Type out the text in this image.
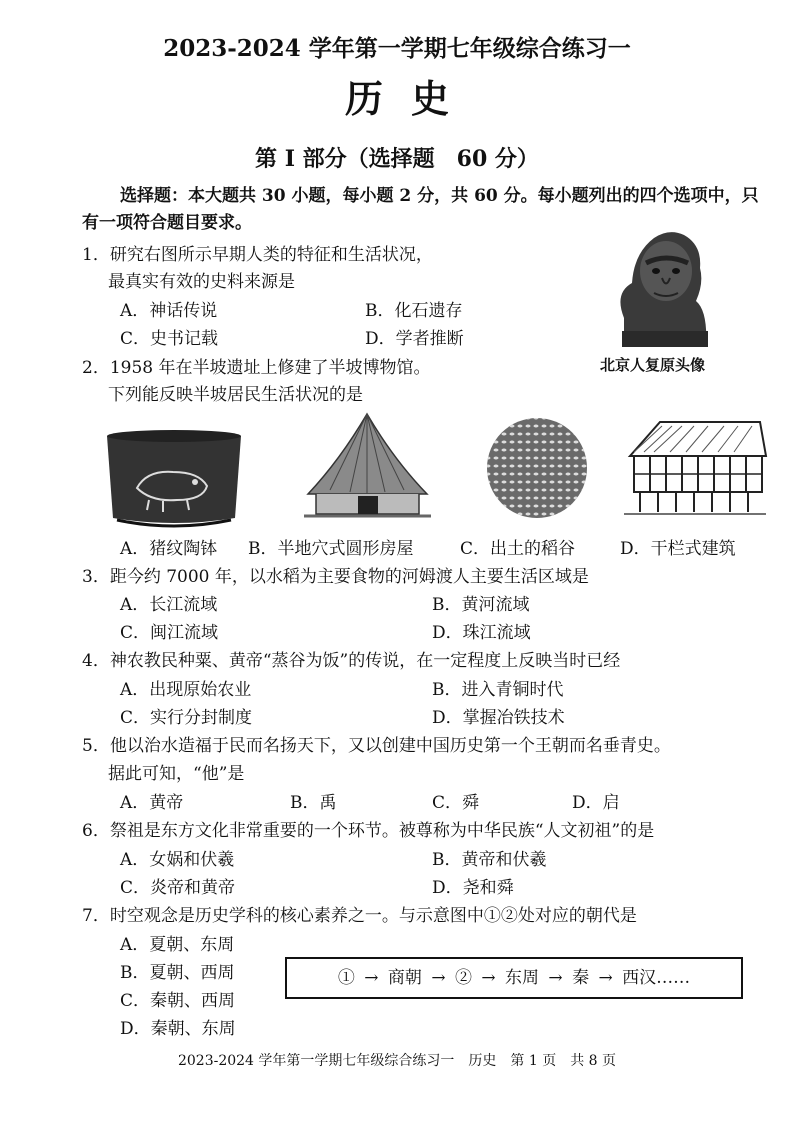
2023-2024 学年第一学期七年级综合练习一
历史
第 I 部分（选择题　60 分）
选择题：本大题共 30 小题，每小题 2 分，共 60 分。每小题列出的四个选项中，只有一项符合题目要求。
1．研究右图所示早期人类的特征和生活状况，
最真实有效的史料来源是
A．神话传说	B．化石遗存
C．史书记载	D．学者推断
北京人复原头像
2．1958 年在半坡遗址上修建了半坡博物馆。
下列能反映半坡居民生活状况的是
A．猪纹陶钵 B．半地穴式圆形房屋	C．出土的稻谷	D．干栏式建筑
3．距今约 7000 年，以水稻为主要食物的河姆渡人主要生活区域是
A．长江流域	B．黄河流域
C．闽江流域	D．珠江流域
4．神农教民种粟、黄帝“蒸谷为饭”的传说，在一定程度上反映当时已经
A．出现原始农业	B．进入青铜时代
C．实行分封制度	D．掌握冶铁技术
5．他以治水造福于民而名扬天下，又以创建中国历史第一个王朝而名垂青史。
据此可知，“他”是
A．黄帝	B．禹	C．舜	D．启
6．祭祖是东方文化非常重要的一个环节。被尊称为中华民族“人文初祖”的是
A．女娲和伏羲	B．黄帝和伏羲
C．炎帝和黄帝	D．尧和舜
7．时空观念是历史学科的核心素养之一。与示意图中①②处对应的朝代是
A．夏朝、东周
B．夏朝、西周
C．秦朝、西周
D．秦朝、东周
① → 商朝 → ② → 东周 → 秦 → 西汉……
2023-2024 学年第一学期七年级综合练习一　历史　第 1 页　共 8 页
